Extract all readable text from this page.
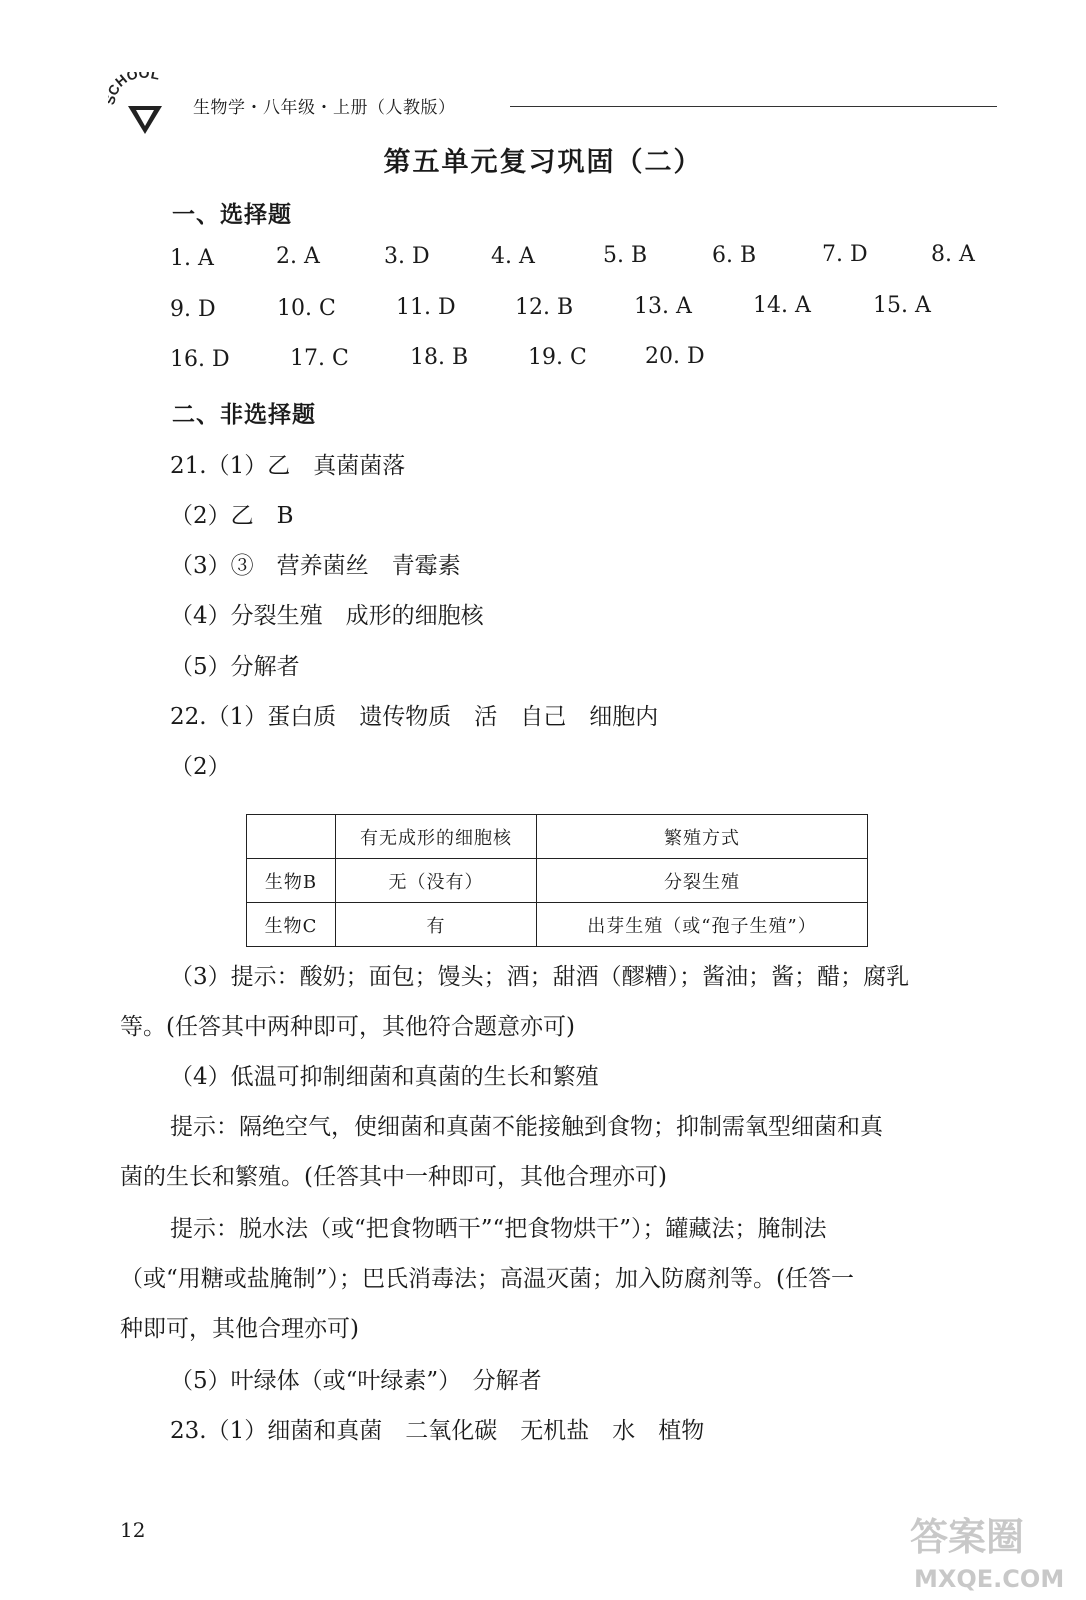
HOOL
生物学・八年级・上册（人教版）
第五单元复习巩固（二）
一、选择题
1. A	2. A	3. D	4. A	5. B	6. B	7. D	8. A
9. D	10. C	11. D	12. B	13. A	14. A	15. A
16. D	17. C	18. B	19. C	20. D
二、非选择题
21.（1）乙　真菌菌落
（2）乙　B
（3）③　营养菌丝　青霉素
（4）分裂生殖　成形的细胞核
（5）分解者
22.（1）蛋白质　遗传物质　活　自己　细胞内
（2）
	有无成形的细胞核	繁殖方式
生物B	无（没有）	分裂生殖
生物C	有	出芽生殖（或“孢子生殖”）
（3）提示：酸奶；面包；馒头；酒；甜酒（醪糟）；酱油；酱；醋；腐乳
等。(任答其中两种即可，其他符合题意亦可)
（4）低温可抑制细菌和真菌的生长和繁殖
提示：隔绝空气，使细菌和真菌不能接触到食物；抑制需氧型细菌和真
菌的生长和繁殖。(任答其中一种即可，其他合理亦可)
提示：脱水法（或“把食物晒干”“把食物烘干”）；罐藏法；腌制法
（或“用糖或盐腌制”）；巴氏消毒法；高温灭菌；加入防腐剂等。(任答一
种即可，其他合理亦可)
（5）叶绿体（或“叶绿素”）　分解者
23.（1）细菌和真菌　二氧化碳　无机盐　水　植物
12	答案圈
MXQE.COM
